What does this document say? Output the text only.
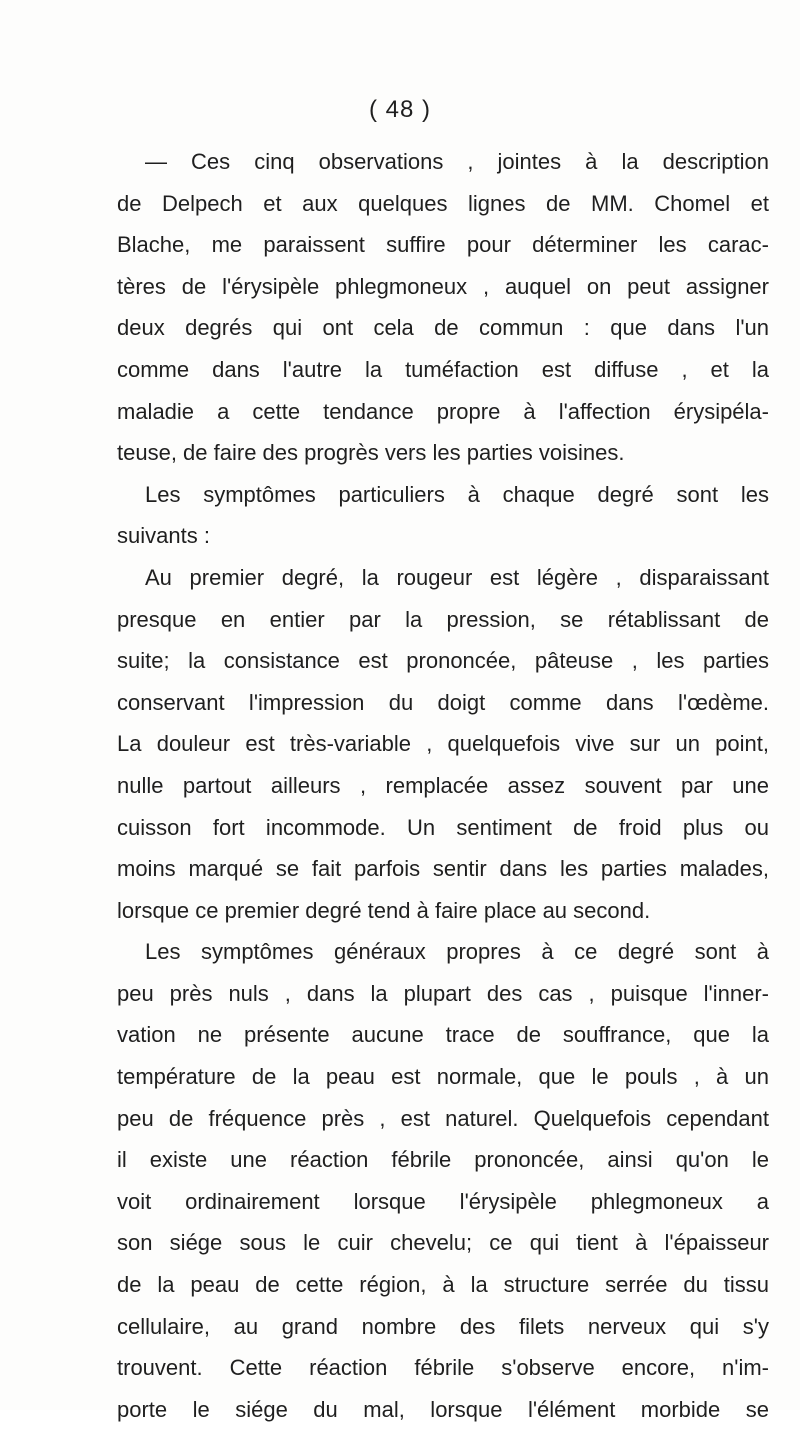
( 48 )
— Ces cinq observations , jointes à la description
de Delpech et aux quelques lignes de MM. Chomel et
Blache, me paraissent suffire pour déterminer les carac-
tères de l'érysipèle phlegmoneux , auquel on peut assigner
deux degrés qui ont cela de commun : que dans l'un
comme dans l'autre la tuméfaction est diffuse , et la
maladie a cette tendance propre à l'affection érysipéla-
teuse, de faire des progrès vers les parties voisines.
Les symptômes particuliers à chaque degré sont les
suivants :
Au premier degré, la rougeur est légère , disparaissant
presque en entier par la pression, se rétablissant de
suite; la consistance est prononcée, pâteuse , les parties
conservant l'impression du doigt comme dans l'œdème.
La douleur est très-variable , quelquefois vive sur un point,
nulle partout ailleurs , remplacée assez souvent par une
cuisson fort incommode. Un sentiment de froid plus ou
moins marqué se fait parfois sentir dans les parties malades,
lorsque ce premier degré tend à faire place au second.
Les symptômes généraux propres à ce degré sont à
peu près nuls , dans la plupart des cas , puisque l'inner-
vation ne présente aucune trace de souffrance, que la
température de la peau est normale, que le pouls , à un
peu de fréquence près , est naturel. Quelquefois cependant
il existe une réaction fébrile prononcée, ainsi qu'on le
voit ordinairement lorsque l'érysipèle phlegmoneux a
son siége sous le cuir chevelu; ce qui tient à l'épaisseur
de la peau de cette région, à la structure serrée du tissu
cellulaire, au grand nombre des filets nerveux qui s'y
trouvent. Cette réaction fébrile s'observe encore, n'im-
porte le siége du mal, lorsque l'élément morbide se
